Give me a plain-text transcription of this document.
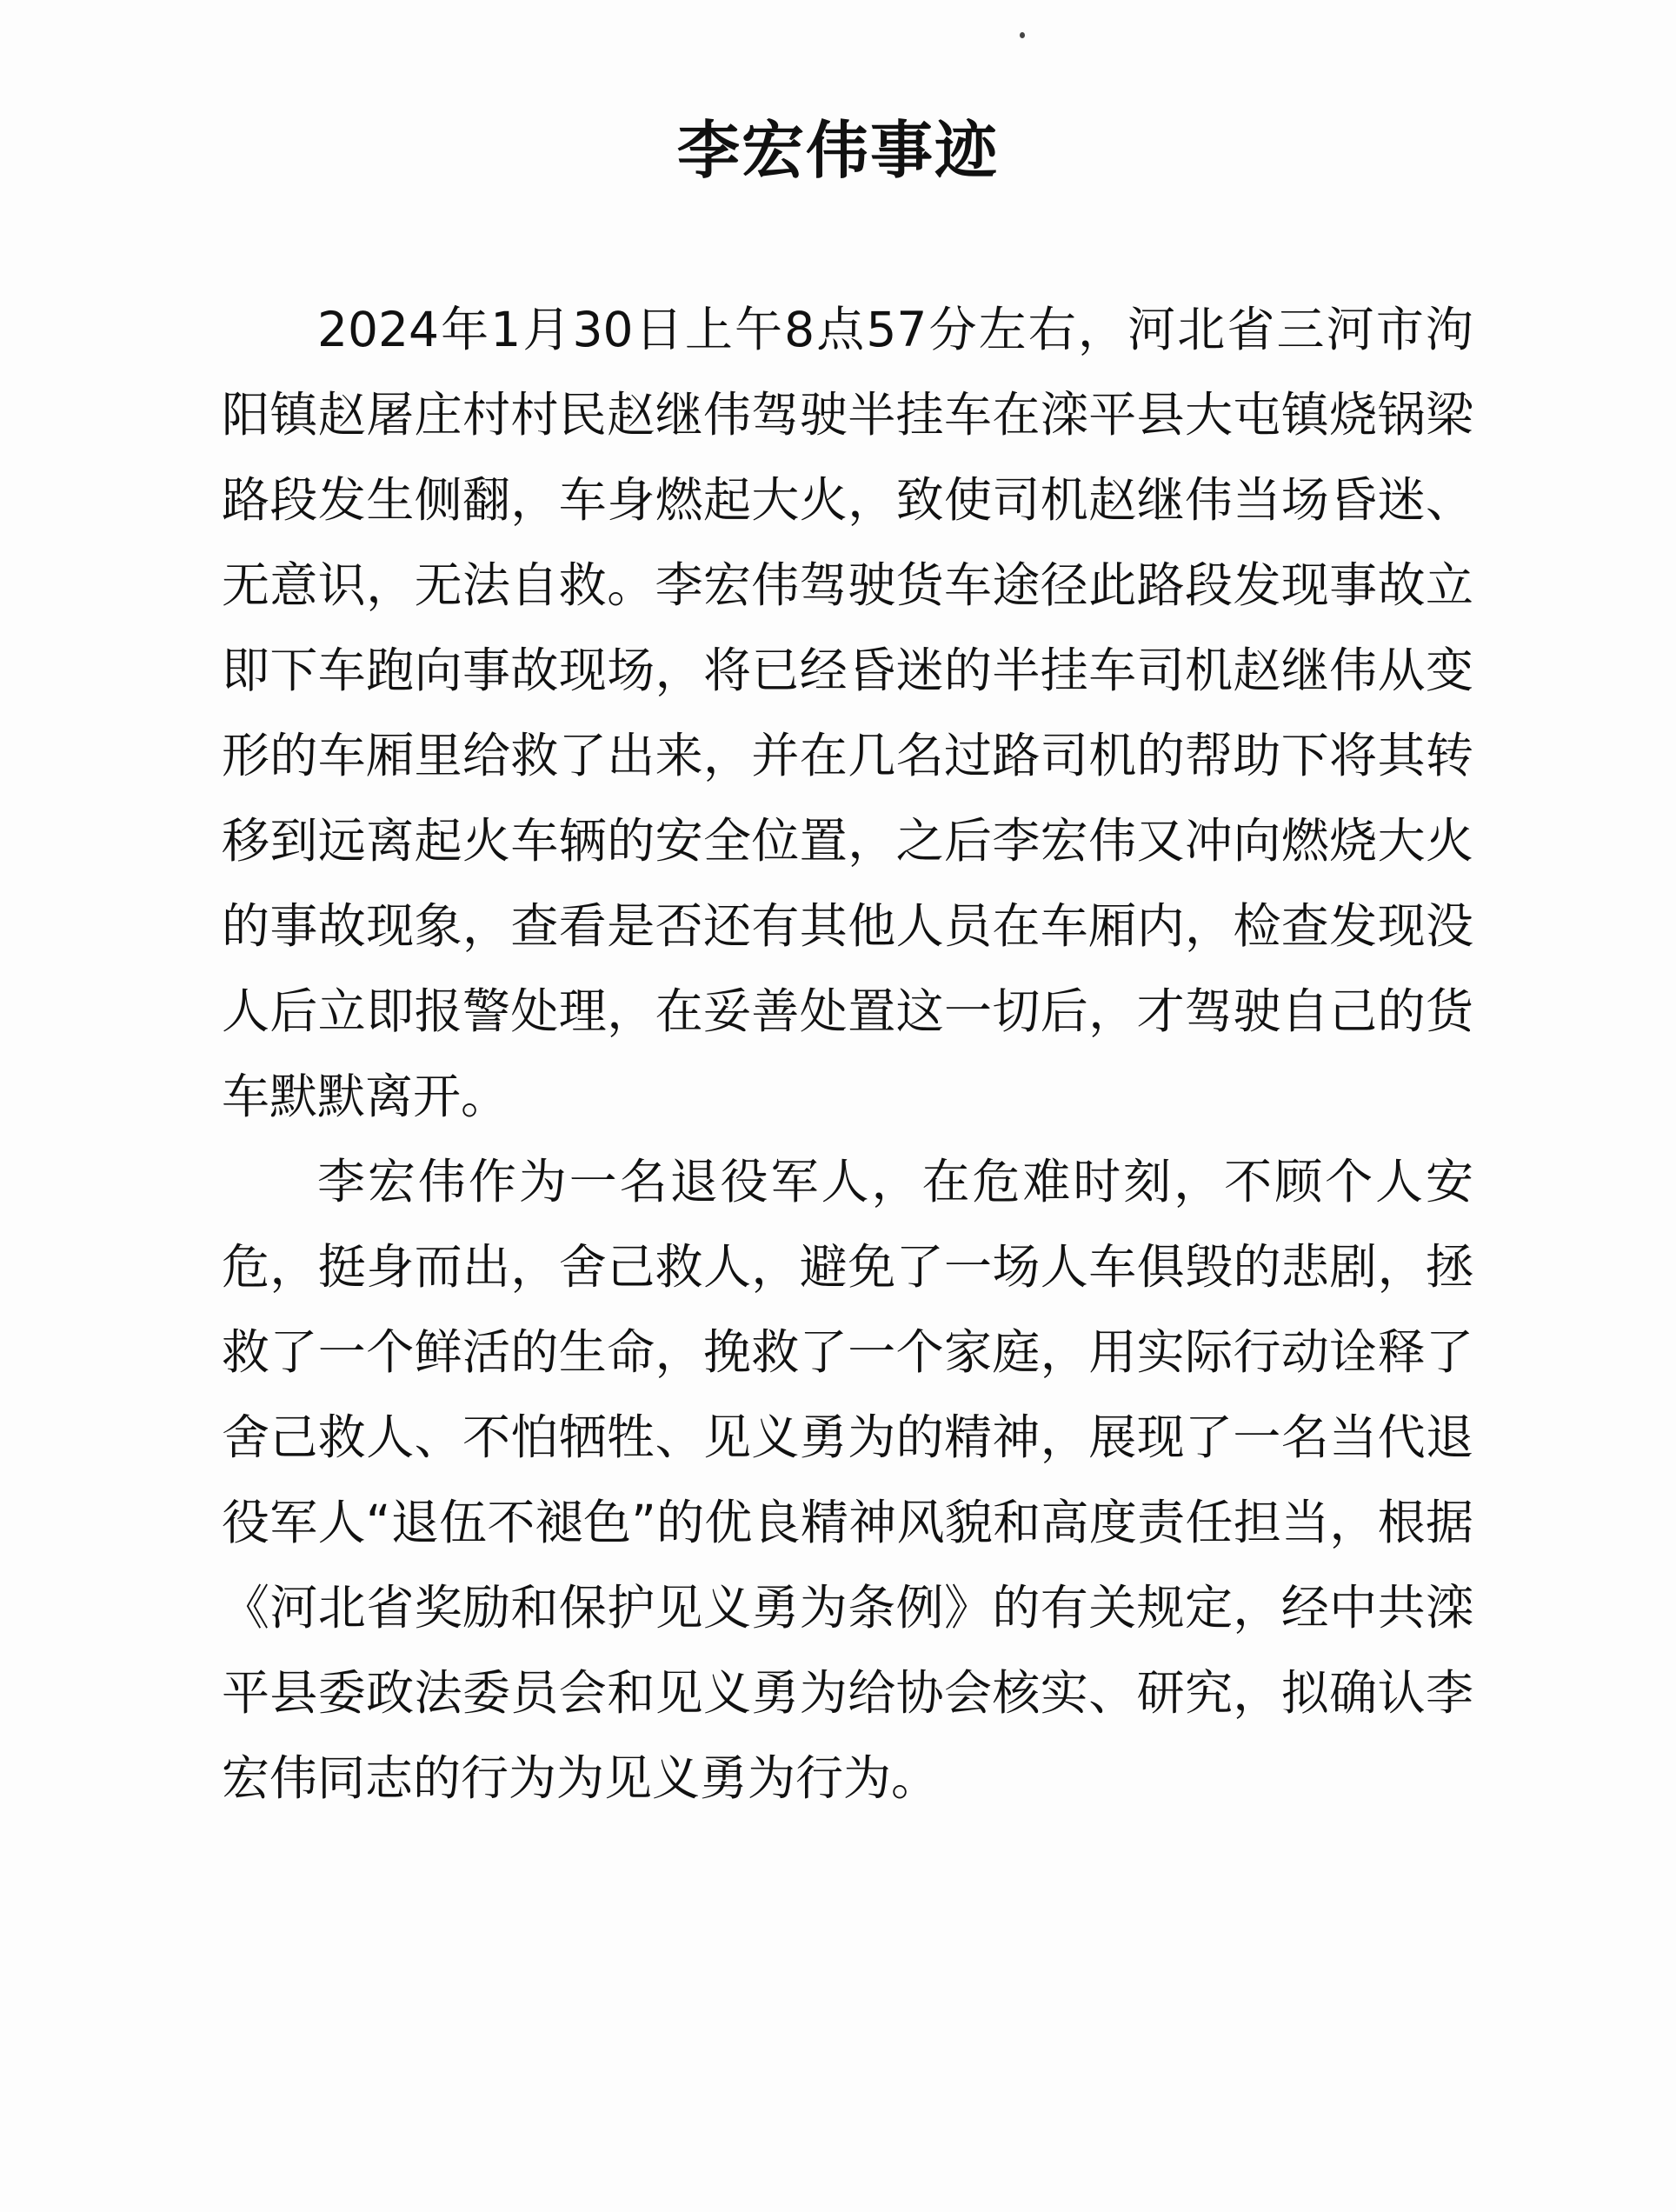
李宏伟事迹

2024年1月30日上午8点57分左右，河北省三河市泃阳镇赵屠庄村村民赵继伟驾驶半挂车在滦平县大屯镇烧锅梁路段发生侧翻，车身燃起大火，致使司机赵继伟当场昏迷、无意识，无法自救。李宏伟驾驶货车途径此路段发现事故立即下车跑向事故现场，将已经昏迷的半挂车司机赵继伟从变形的车厢里给救了出来，并在几名过路司机的帮助下将其转移到远离起火车辆的安全位置，之后李宏伟又冲向燃烧大火的事故现象，查看是否还有其他人员在车厢内，检查发现没人后立即报警处理，在妥善处置这一切后，才驾驶自己的货车默默离开。

李宏伟作为一名退役军人，在危难时刻，不顾个人安危，挺身而出，舍己救人，避免了一场人车俱毁的悲剧，拯救了一个鲜活的生命，挽救了一个家庭，用实际行动诠释了舍己救人、不怕牺牲、见义勇为的精神，展现了一名当代退役军人“退伍不褪色”的优良精神风貌和高度责任担当，根据《河北省奖励和保护见义勇为条例》的有关规定，经中共滦平县委政法委员会和见义勇为给协会核实、研究，拟确认李宏伟同志的行为为见义勇为行为。
